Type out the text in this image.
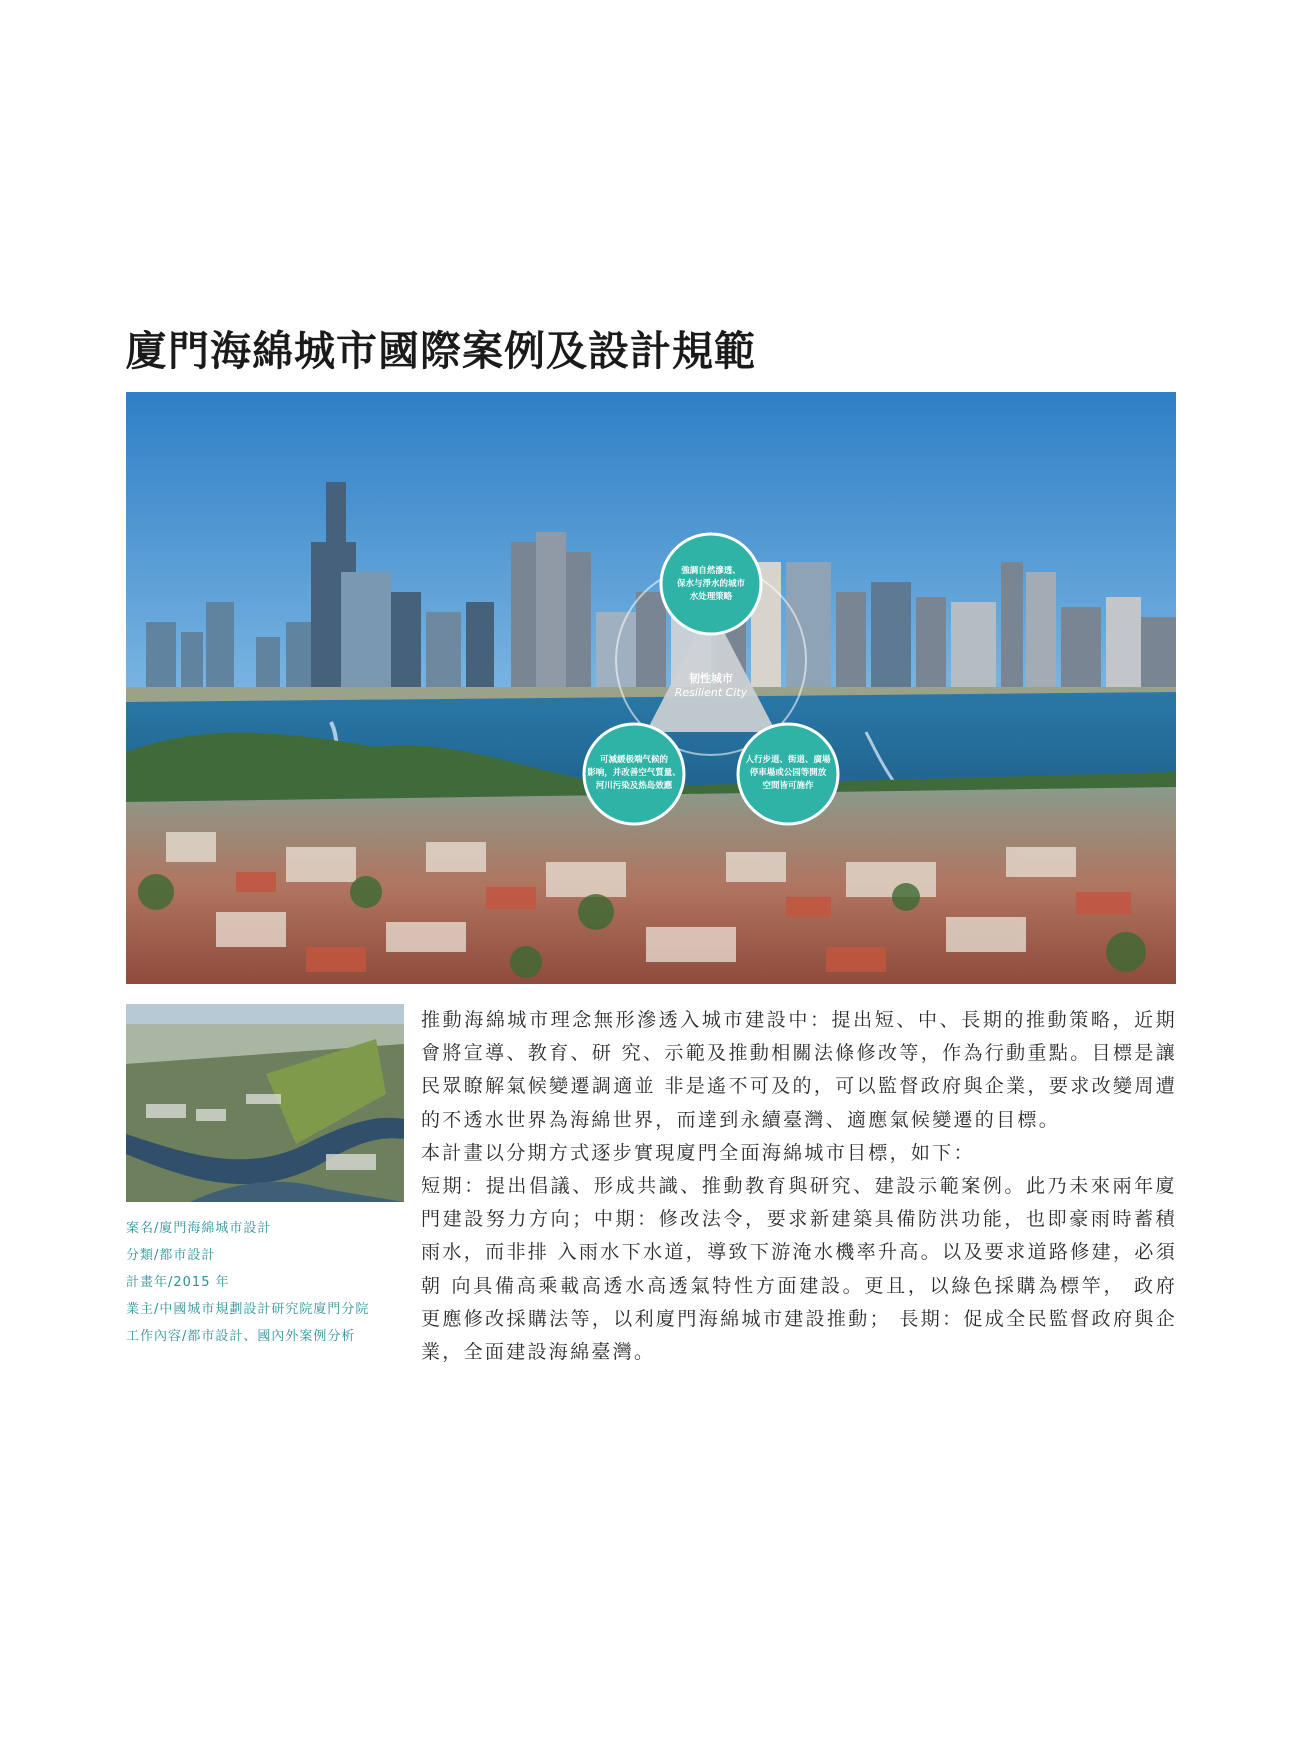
廈門海綿城市國際案例及設計規範
韧性城市
Resilient City
強調自然滲透、
保水与淨水的城市
水处理策略
可減緩极端气候的
影响，并改善空气質量、
河川污染及热岛效應
人行步道、街道、廣場
停車場或公园等開放
空間皆可施作
案名/廈門海綿城市設計
分類/都市設計
計畫年/2015 年
業主/中國城市規劃設計研究院廈門分院
工作內容/都市設計、國內外案例分析

推動海綿城市理念無形滲透入城市建設中：提出短、中、長期的推動策略，近期會將宣導、教育、研 究、示範及推動相關法條修改等，作為行動重點。目標是讓民眾瞭解氣候變遷調適並 非是遙不可及的，可以監督政府與企業，要求改變周遭的不透水世界為海綿世界，而達到永續臺灣、適應氣候變遷的目標。

本計畫以分期方式逐步實現廈門全面海綿城市目標，如下：

短期：提出倡議、形成共識、推動教育與研究、建設示範案例。此乃未來兩年廈門建設努力方向；中期：修改法令，要求新建築具備防洪功能，也即豪雨時蓄積雨水，而非排 入雨水下水道，導致下游淹水機率升高。以及要求道路修建，必須朝 向具備高乘載高透水高透氣特性方面建設。更且，以綠色採購為標竿， 政府更應修改採購法等，以利廈門海綿城市建設推動； 長期：促成全民監督政府與企業，全面建設海綿臺灣。
